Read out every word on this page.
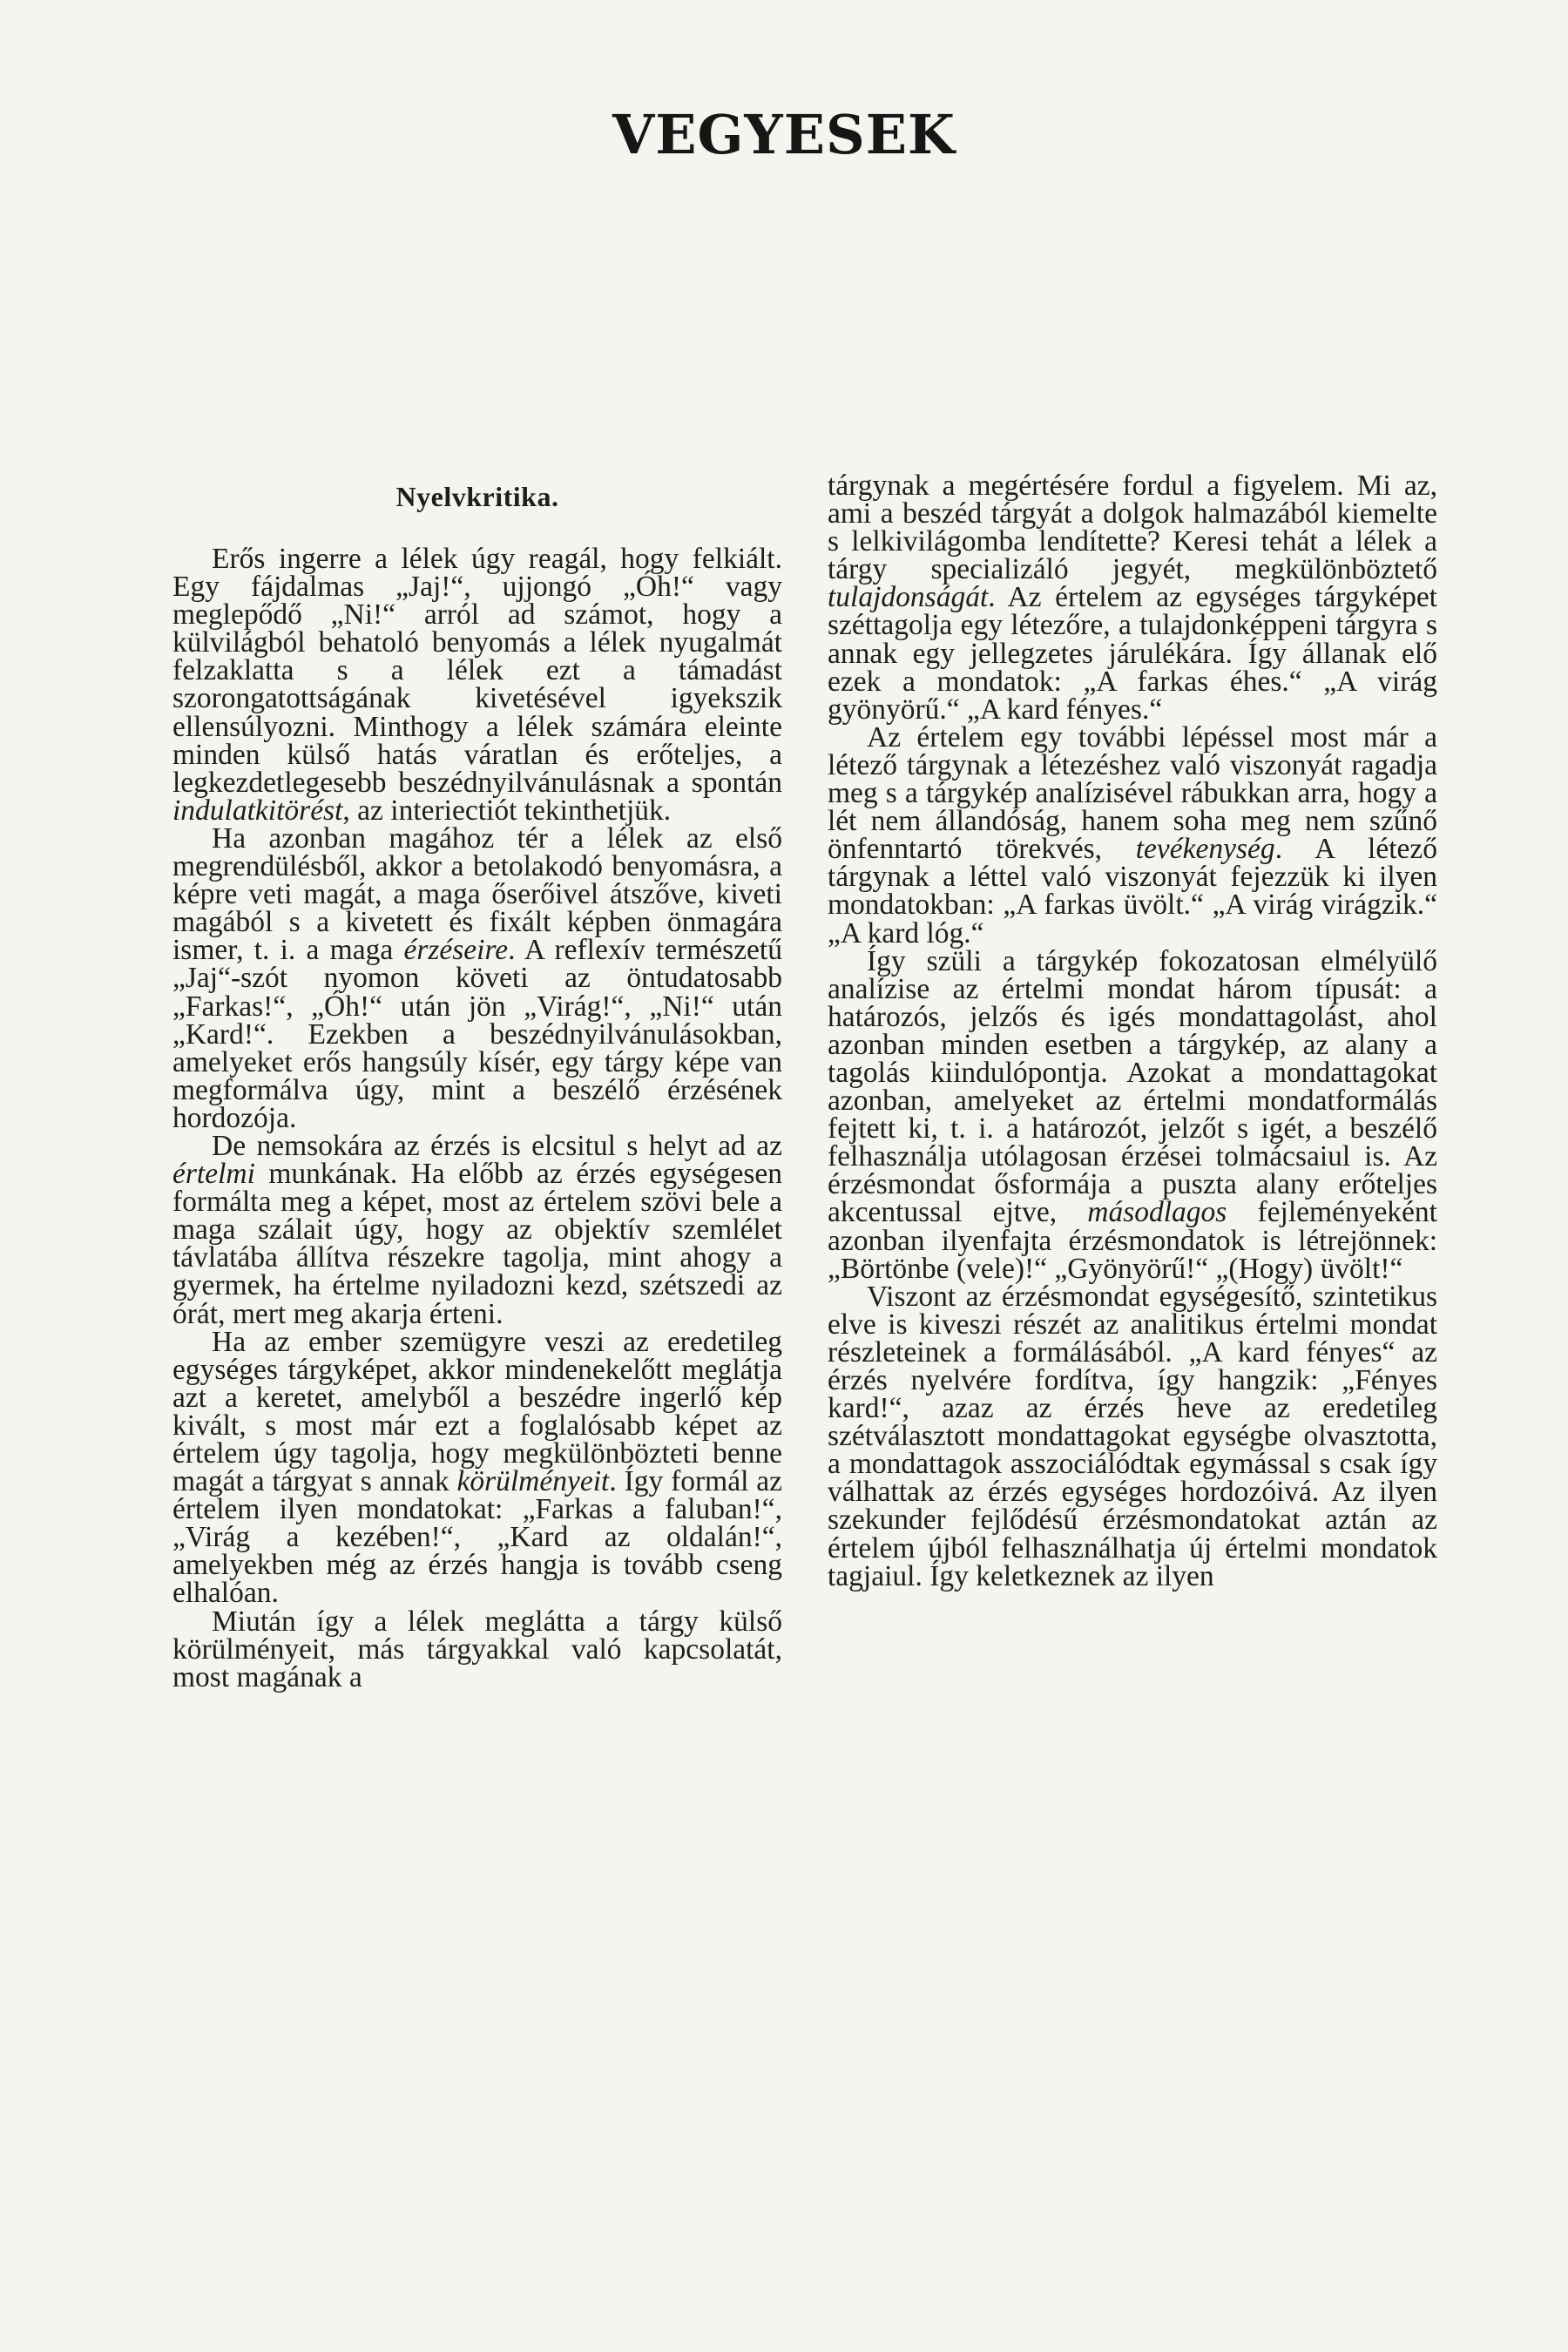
VEGYESEK
Nyelvkritika.

Erős ingerre a lélek úgy reagál, hogy felkiált. Egy fájdalmas „Jaj!“, ujjongó „Óh!“ vagy meglepődő „Ni!“ arról ad számot, hogy a külvilágból behatoló benyomás a lélek nyugalmát felzaklatta s a lélek ezt a támadást szorongatottságának kivetésével igyekszik ellensúlyozni. Minthogy a lélek számára eleinte minden külső hatás váratlan és erőteljes, a legkezdetlegesebb beszédnyilvánulásnak a spontán indulatkitörést, az interiectiót tekinthetjük.

Ha azonban magához tér a lélek az első megrendülésből, akkor a betolakodó benyomásra, a képre veti magát, a maga őserőivel átszőve, kiveti magából s a kivetett és fixált képben önmagára ismer, t. i. a maga érzéseire. A reflexív természetű „Jaj“-szót nyomon követi az öntudatosabb „Farkas!“, „Óh!“ után jön „Virág!“, „Ni!“ után „Kard!“. Ezekben a beszédnyilvánulásokban, amelyeket erős hangsúly kísér, egy tárgy képe van megformálva úgy, mint a beszélő érzésének hordozója.

De nemsokára az érzés is elcsitul s helyt ad az értelmi munkának. Ha előbb az érzés egységesen formálta meg a képet, most az értelem szövi bele a maga szálait úgy, hogy az objektív szemlélet távlatába állítva részekre tagolja, mint ahogy a gyermek, ha értelme nyiladozni kezd, szétszedi az órát, mert meg akarja érteni.

Ha az ember szemügyre veszi az eredetileg egységes tárgyképet, akkor mindenekelőtt meglátja azt a keretet, amelyből a beszédre ingerlő kép kivált, s most már ezt a foglalósabb képet az értelem úgy tagolja, hogy megkülönbözteti benne magát a tárgyat s annak körülményeit. Így formál az értelem ilyen mondatokat: „Farkas a faluban!“, „Virág a kezében!“, „Kard az oldalán!“, amelyekben még az érzés hangja is tovább cseng elhalóan.

Miután így a lélek meglátta a tárgy külső körülményeit, más tárgyakkal való kapcsolatát, most magának a

tárgynak a megértésére fordul a figyelem. Mi az, ami a beszéd tárgyát a dolgok halmazából kiemelte s lelkivilágomba lendítette? Keresi tehát a lélek a tárgy specializáló jegyét, megkülönböztető tulajdonságát. Az értelem az egységes tárgyképet széttagolja egy létezőre, a tulajdonképpeni tárgyra s annak egy jellegzetes járulékára. Így állanak elő ezek a mondatok: „A farkas éhes.“ „A virág gyönyörű.“ „A kard fényes.“

Az értelem egy további lépéssel most már a létező tárgynak a létezéshez való viszonyát ragadja meg s a tárgykép analízisével rábukkan arra, hogy a lét nem állandóság, hanem soha meg nem szűnő önfenntartó törekvés, tevékenység. A létező tárgynak a léttel való viszonyát fejezzük ki ilyen mondatokban: „A farkas üvölt.“ „A virág virágzik.“ „A kard lóg.“

Így szüli a tárgykép fokozatosan elmélyülő analízise az értelmi mondat három típusát: a határozós, jelzős és igés mondattagolást, ahol azonban minden esetben a tárgykép, az alany a tagolás kiindulópontja. Azokat a mondattagokat azonban, amelyeket az értelmi mondatformálás fejtett ki, t. i. a határozót, jelzőt s igét, a beszélő felhasználja utólagosan érzései tolmácsaiul is. Az érzésmondat ősformája a puszta alany erőteljes akcentussal ejtve, másodlagos fejleményeként azonban ilyenfajta érzésmondatok is létrejönnek: „Börtönbe (vele)!“ „Gyönyörű!“ „(Hogy) üvölt!“

Viszont az érzésmondat egységesítő, szintetikus elve is kiveszi részét az analitikus értelmi mondat részleteinek a formálásából. „A kard fényes“ az érzés nyelvére fordítva, így hangzik: „Fényes kard!“, azaz az érzés heve az eredetileg szétválasztott mondattagokat egységbe olvasztotta, a mondattagok asszociálódtak egymással s csak így válhattak az érzés egységes hordozóivá. Az ilyen szekunder fejlődésű érzésmondatokat aztán az értelem újból felhasználhatja új értelmi mondatok tagjaiul. Így keletkeznek az ilyen
